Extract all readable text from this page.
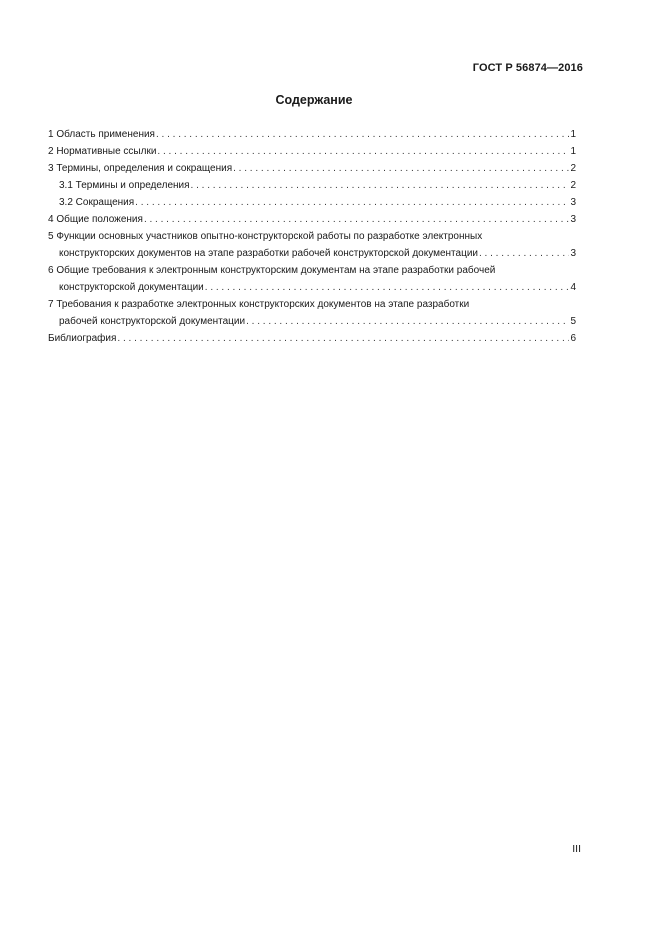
ГОСТ Р 56874—2016
Содержание
1 Область применения . . .	1
2 Нормативные ссылки . . .	1
3 Термины, определения и сокращения . . .	2
3.1 Термины и определения . . .	2
3.2 Сокращения . . .	3
4 Общие положения . . .	3
5 Функции основных участников опытно-конструкторской работы по разработке электронных
конструкторских документов на этапе разработки рабочей конструкторской документации . . .	3
6 Общие требования к электронным конструкторским документам на этапе разработки рабочей
конструкторской документации . . .	4
7 Требования к разработке электронных конструкторских документов на этапе разработки
рабочей конструкторской документации . . .	5
Библиография . . .	6
III
